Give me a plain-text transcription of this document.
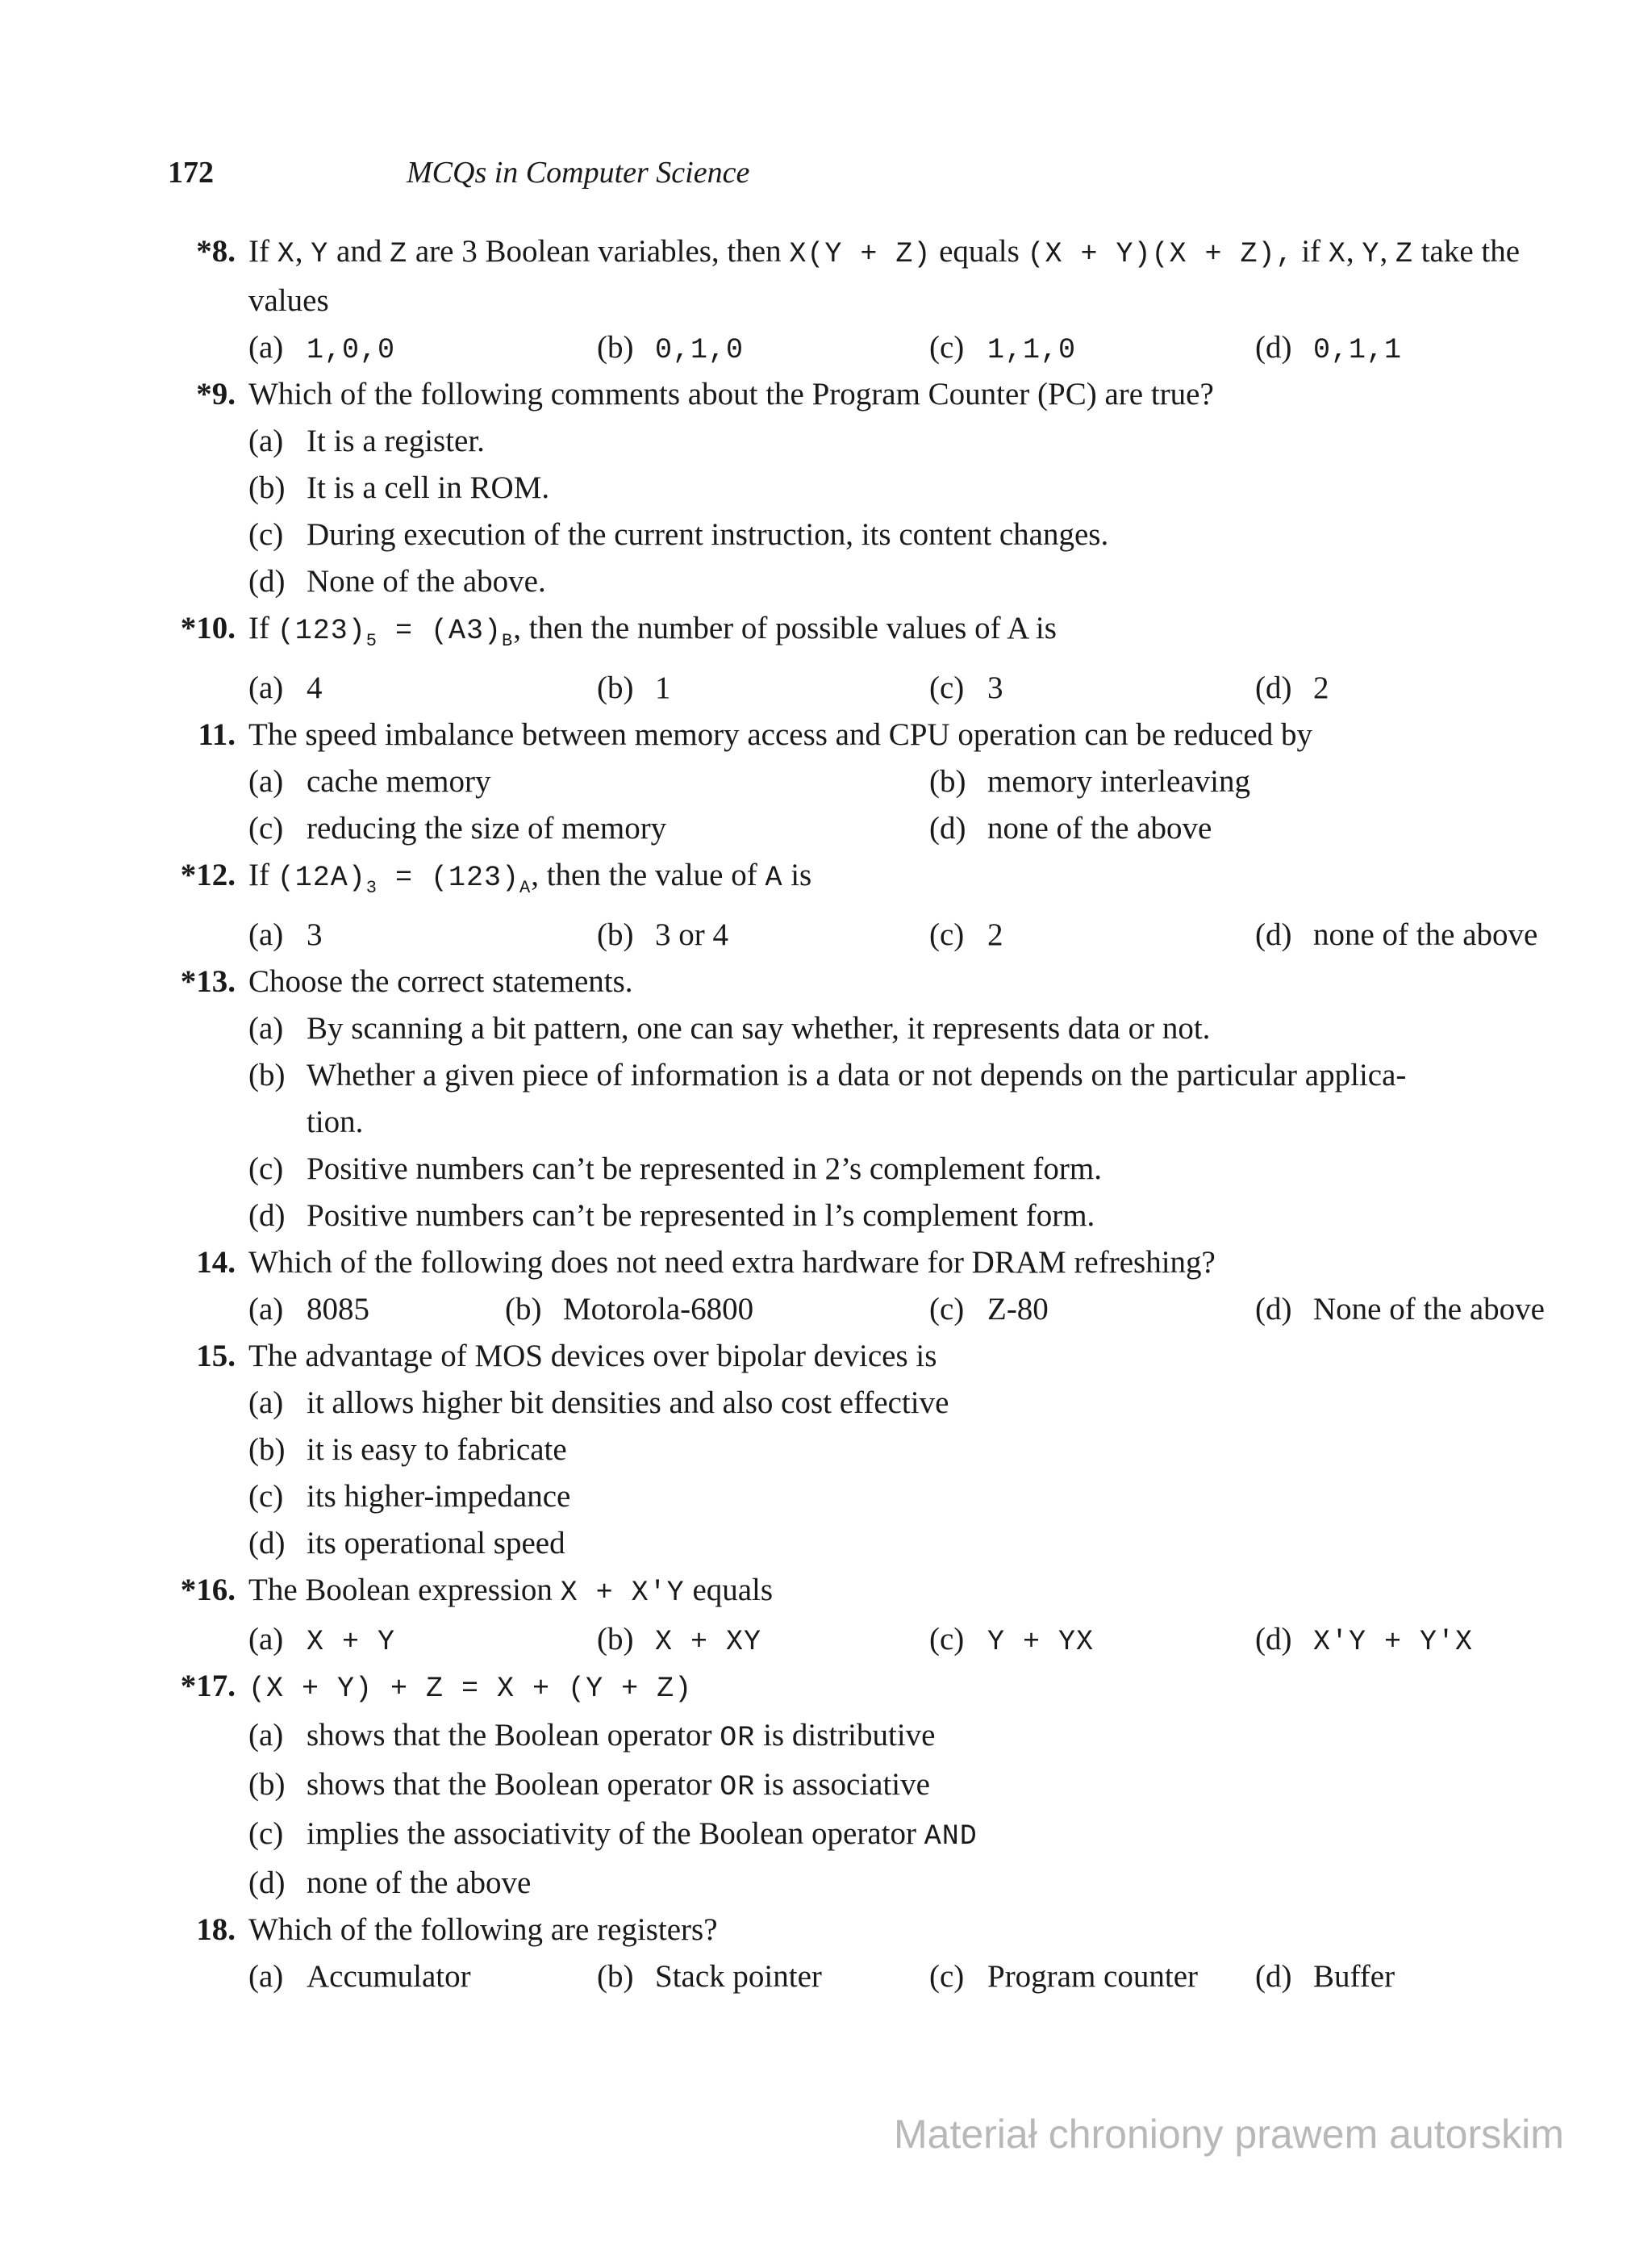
172	MCQs in Computer Science
*8. If X, Y and Z are 3 Boolean variables, then X(Y + Z) equals (X + Y)(X + Z), if X, Y, Z take the values
(a) 1,0,0	(b) 0,1,0	(c) 1,1,0	(d) 0,1,1
*9. Which of the following comments about the Program Counter (PC) are true?
(a) It is a register.
(b) It is a cell in ROM.
(c) During execution of the current instruction, its content changes.
(d) None of the above.
*10. If $(123)_5 = (A3)_B$, then the number of possible values of A is
(a) 4	(b) 1	(c) 3	(d) 2
11. The speed imbalance between memory access and CPU operation can be reduced by
(a) cache memory	(b) memory interleaving
(c) reducing the size of memory	(d) none of the above
*12. If $(12A)_3 = (123)_A$, then the value of A is
(a) 3	(b) 3 or 4	(c) 2	(d) none of the above
*13. Choose the correct statements.
(a) By scanning a bit pattern, one can say whether, it represents data or not.
(b) Whether a given piece of information is a data or not depends on the particular applica-
tion.
(c) Positive numbers can’t be represented in 2’s complement form.
(d) Positive numbers can’t be represented in l’s complement form.
14. Which of the following does not need extra hardware for DRAM refreshing?
(a) 8085	(b) Motorola-6800	(c) Z-80	(d) None of the above
15. The advantage of MOS devices over bipolar devices is
(a) it allows higher bit densities and also cost effective
(b) it is easy to fabricate
(c) its higher-impedance
(d) its operational speed
*16. The Boolean expression X + X'Y equals
(a) X + Y	(b) X + XY	(c) Y + YX	(d) X'Y + Y'X
*17. (X + Y) + Z = X + (Y + Z)
(a) shows that the Boolean operator OR is distributive
(b) shows that the Boolean operator OR is associative
(c) implies the associativity of the Boolean operator AND
(d) none of the above
18. Which of the following are registers?
(a) Accumulator	(b) Stack pointer	(c) Program counter (d) Buffer
Materiał chroniony prawem autorskim
